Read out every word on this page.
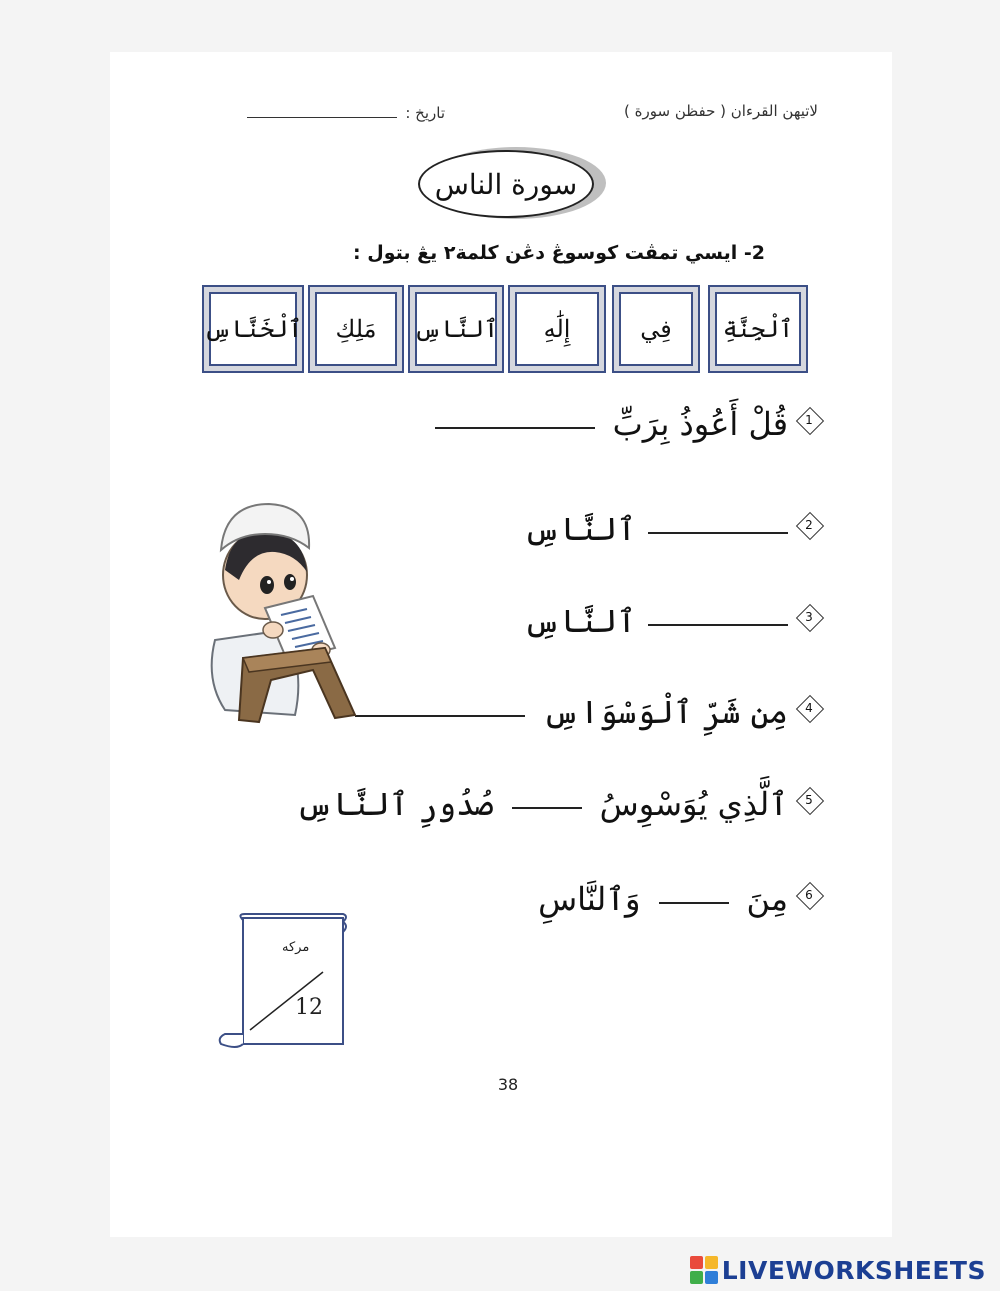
لاتيهن القرءان ( حفظن سورة )
تاريخ :
سورة الناس
2- ايسي تمڤت كوسوڠ دڠن كلمة٢ يڠ بتول :
ٱلْجِنَّةِ
فِي
إِلَٰهِ
ٱلنَّاسِ
مَلِكِ
ٱلْخَنَّاسِ
1
قُلْ أَعُوذُ بِرَبِّ
2
ٱلنَّاسِ
3
ٱلنَّاسِ
4
مِن شَرِّ ٱلْوَسْوَاسِ
5
ٱلَّذِي يُوَسْوِسُ
صُدُورِ ٱلنَّاسِ
6
مِنَ
وَٱلنَّاسِ
مركه
12
38
LIVEWORKSHEETS
